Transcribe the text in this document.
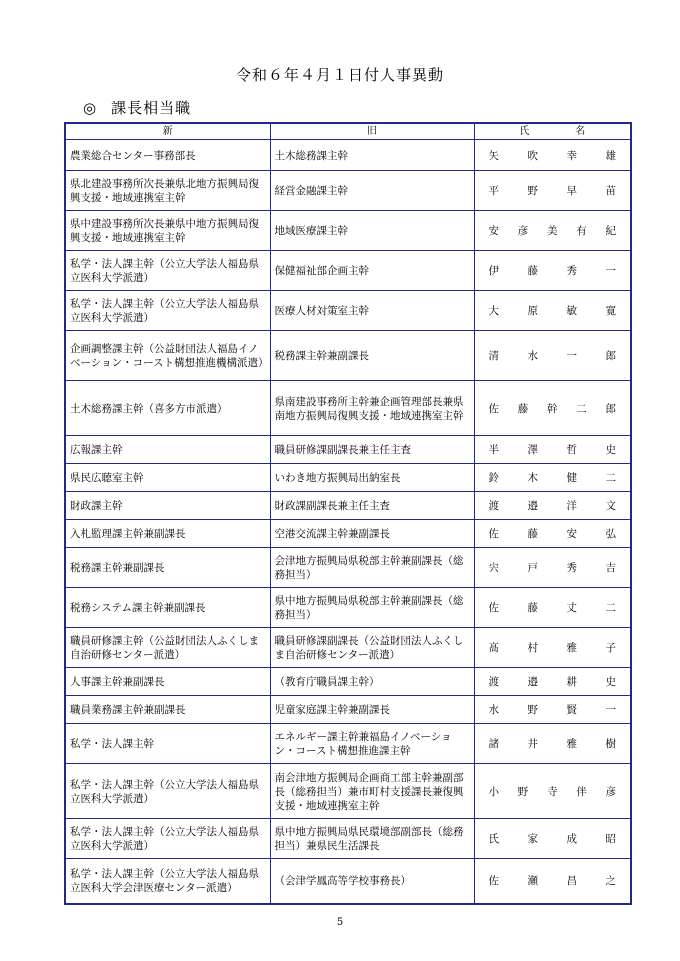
令和６年４月１日付人事異動
◎ 課長相当職
新	旧	氏 名

農業総合センター事務部長	土木総務課主幹	矢 吹 幸 雄

県北建設事務所次長兼県北地方振興局復興支援・地域連携室主幹	経営金融課主幹	平 野 早 苗

県中建設事務所次長兼県中地方振興局復興支援・地域連携室主幹	地域医療課主幹	安 彦 美 有 紀

私学・法人課主幹（公立大学法人福島県立医科大学派遣）	保健福祉部企画主幹	伊 藤 秀 一

私学・法人課主幹（公立大学法人福島県立医科大学派遣）	医療人材対策室主幹	大 原 敏 寛

企画調整課主幹（公益財団法人福島イノベーション・コースト構想推進機構派遣）	税務課主幹兼副課長	清 水 一 郎

土木総務課主幹（喜多方市派遣）	県南建設事務所主幹兼企画管理部長兼県南地方振興局復興支援・地域連携室主幹	佐 藤 幹 二 郎

広報課主幹	職員研修課副課長兼主任主査	半 澤 哲 史

県民広聴室主幹	いわき地方振興局出納室長	鈴 木 健 二

財政課主幹	財政課副課長兼主任主査	渡 邉 洋 文

入札監理課主幹兼副課長	空港交流課主幹兼副課長	佐 藤 安 弘

税務課主幹兼副課長	会津地方振興局県税部主幹兼副課長（総務担当）	宍 戸 秀 吉

税務システム課主幹兼副課長	県中地方振興局県税部主幹兼副課長（総務担当）	佐 藤 丈 二

職員研修課主幹（公益財団法人ふくしま自治研修センター派遣）	職員研修課副課長（公益財団法人ふくしま自治研修センター派遣）	髙 村 雅 子

人事課主幹兼副課長	（教育庁職員課主幹）	渡 邉 耕 史

職員業務課主幹兼副課長	児童家庭課主幹兼副課長	水 野 賢 一

私学・法人課主幹	エネルギー課主幹兼福島イノベーション・コースト構想推進課主幹	諸 井 雅 樹

私学・法人課主幹（公立大学法人福島県立医科大学派遣）	南会津地方振興局企画商工部主幹兼副部長（総務担当）兼市町村支援課長兼復興支援・地域連携室主幹	小 野 寺 伴 彦

私学・法人課主幹（公立大学法人福島県立医科大学派遣）	県中地方振興局県民環境部副部長（総務担当）兼県民生活課長	氏 家 成 昭

私学・法人課主幹（公立大学法人福島県立医科大学会津医療センター派遣）	（会津学鳳高等学校事務長）	佐 瀬 昌 之
5
